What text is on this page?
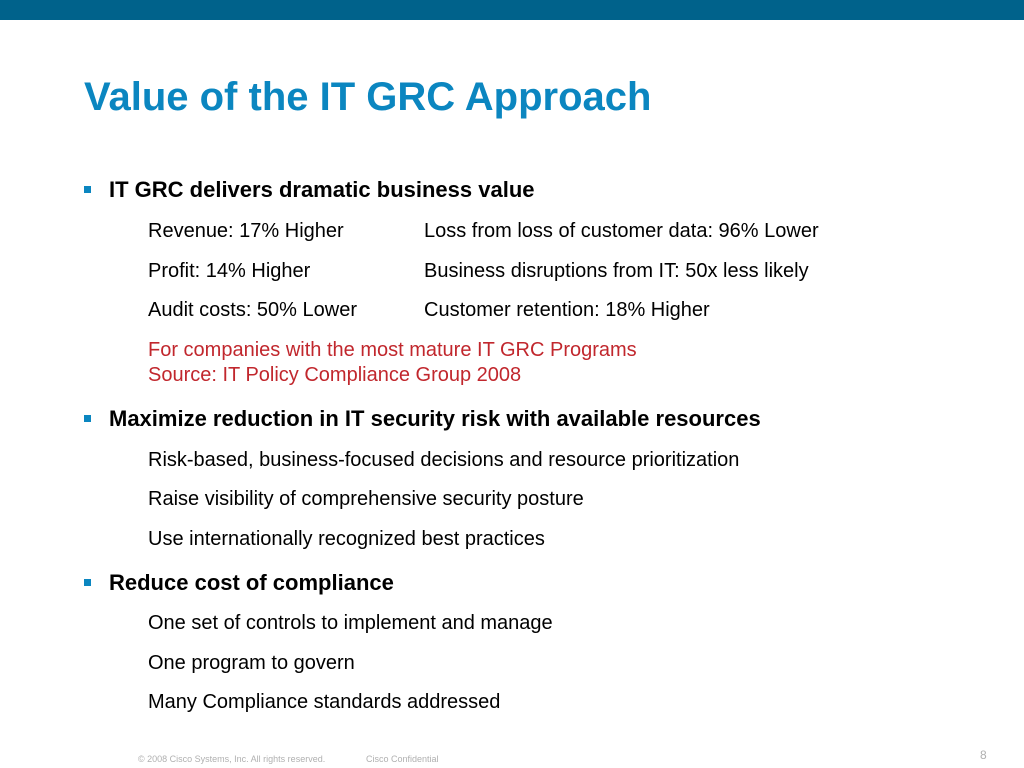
Value of the IT GRC Approach
IT GRC delivers dramatic business value
Revenue: 17% Higher	Loss from loss of customer data: 96% Lower
Profit: 14% Higher	Business disruptions from IT: 50x less likely
Audit costs: 50% Lower	Customer retention: 18% Higher
For companies with the most mature IT GRC Programs
Source: IT Policy Compliance Group 2008
Maximize reduction in IT security risk with available resources
Risk-based, business-focused decisions and resource prioritization
Raise visibility of comprehensive security posture
Use internationally recognized best practices
Reduce cost of compliance
One set of controls to implement and manage
One program to govern
Many Compliance standards addressed
© 2008 Cisco Systems, Inc. All rights reserved.	Cisco Confidential	8
